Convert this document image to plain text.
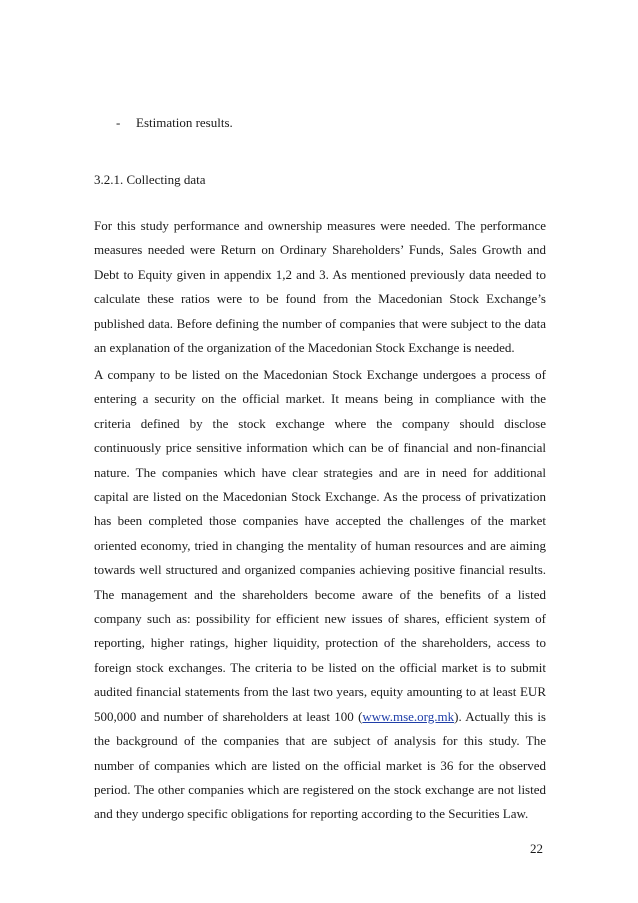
- Estimation results.
3.2.1. Collecting data

For this study performance and ownership measures were needed. The performance measures needed were Return on Ordinary Shareholders’ Funds, Sales Growth and Debt to Equity given in appendix 1,2 and 3. As mentioned previously data needed to calculate these ratios were to be found from the Macedonian Stock Exchange’s published data. Before defining the number of companies that were subject to the data an explanation of the organization of the Macedonian Stock Exchange is needed.

A company to be listed on the Macedonian Stock Exchange undergoes a process of entering a security on the official market. It means being in compliance with the criteria defined by the stock exchange where the company should disclose continuously price sensitive information which can be of financial and non-financial nature. The companies which have clear strategies and are in need for additional capital are listed on the Macedonian Stock Exchange. As the process of privatization has been completed those companies have accepted the challenges of the market oriented economy, tried in changing the mentality of human resources and are aiming towards well structured and organized companies achieving positive financial results. The management and the shareholders become aware of the benefits of a listed company such as: possibility for efficient new issues of shares, efficient system of reporting, higher ratings, higher liquidity, protection of the shareholders, access to foreign stock exchanges. The criteria to be listed on the official market is to submit audited financial statements from the last two years, equity amounting to at least EUR 500,000 and number of shareholders at least 100 (www.mse.org.mk). Actually this is the background of the companies that are subject of analysis for this study. The number of companies which are listed on the official market is 36 for the observed period. The other companies which are registered on the stock exchange are not listed and they undergo specific obligations for reporting according to the Securities Law.

22
